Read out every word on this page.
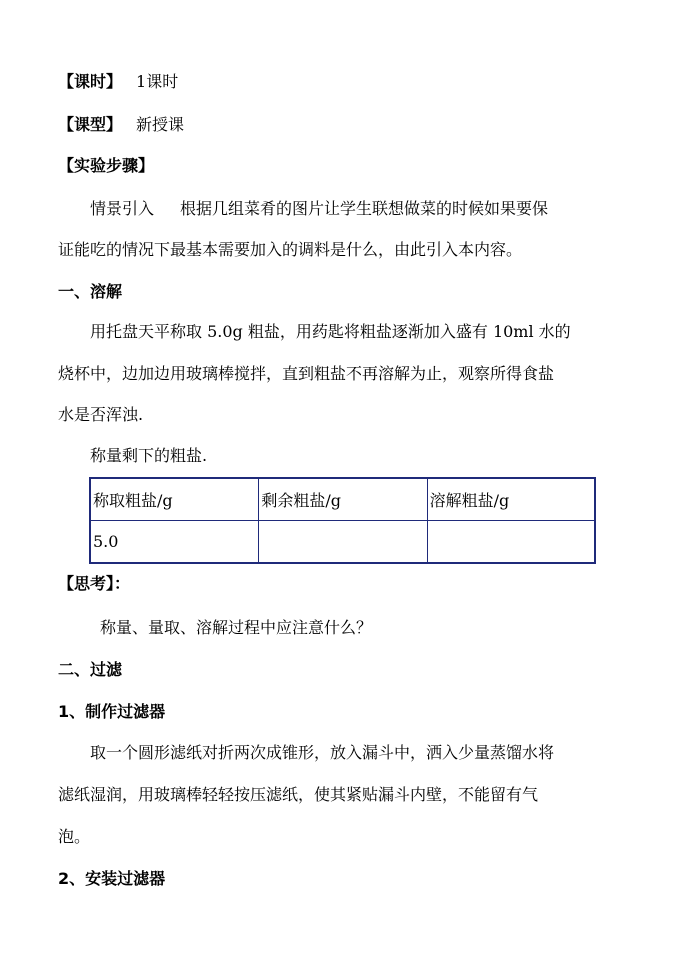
【课时】 1课时
【课型】 新授课
【实验步骤】
情景引入 根据几组菜肴的图片让学生联想做菜的时候如果要保
证能吃的情况下最基本需要加入的调料是什么，由此引入本内容。
一、溶解
用托盘天平称取 5.0g 粗盐，用药匙将粗盐逐渐加入盛有 10ml 水的
烧杯中，边加边用玻璃棒搅拌，直到粗盐不再溶解为止，观察所得食盐
水是否浑浊.
称量剩下的粗盐.
称取粗盐/g	剩余粗盐/g	溶解粗盐/g
5.0		
【思考】：
称量、量取、溶解过程中应注意什么？
二、过滤
1、制作过滤器
取一个圆形滤纸对折两次成锥形，放入漏斗中，洒入少量蒸馏水将
滤纸湿润，用玻璃棒轻轻按压滤纸，使其紧贴漏斗内壁，不能留有气
泡。
2、安装过滤器
